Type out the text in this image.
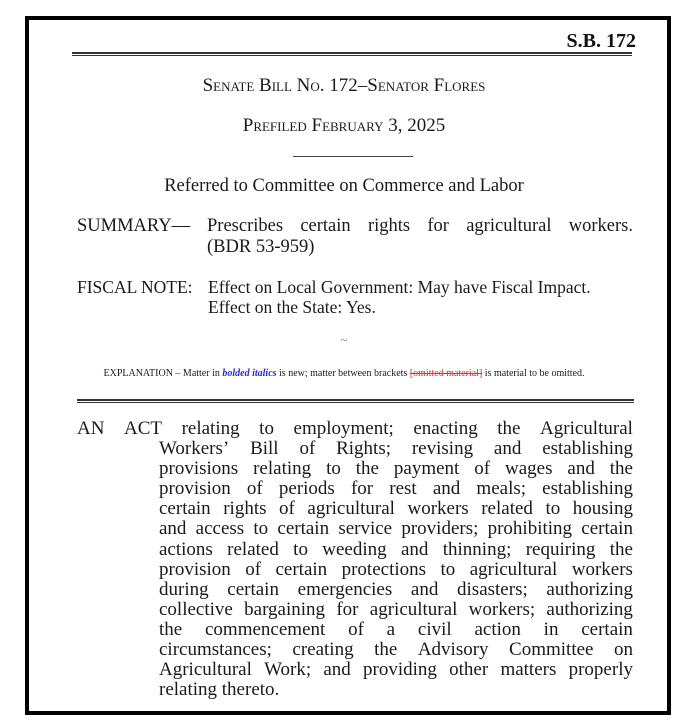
S.B. 172
Senate Bill No. 172–Senator Flores
Prefiled February 3, 2025
Referred to Committee on Commerce and Labor
SUMMARY— Prescribes certain rights for agricultural workers.
(BDR 53-959)
FISCAL NOTE: Effect on Local Government: May have Fiscal Impact.
Effect on the State: Yes.
~
EXPLANATION – Matter in bolded italics is new; matter between brackets [omitted material] is material to be omitted.
AN ACT relating to employment; enacting the Agricultural
Workers’ Bill of Rights; revising and establishing
provisions relating to the payment of wages and the
provision of periods for rest and meals; establishing
certain rights of agricultural workers related to housing
and access to certain service providers; prohibiting certain
actions related to weeding and thinning; requiring the
provision of certain protections to agricultural workers
during certain emergencies and disasters; authorizing
collective bargaining for agricultural workers; authorizing
the commencement of a civil action in certain
circumstances; creating the Advisory Committee on
Agricultural Work; and providing other matters properly
relating thereto.
